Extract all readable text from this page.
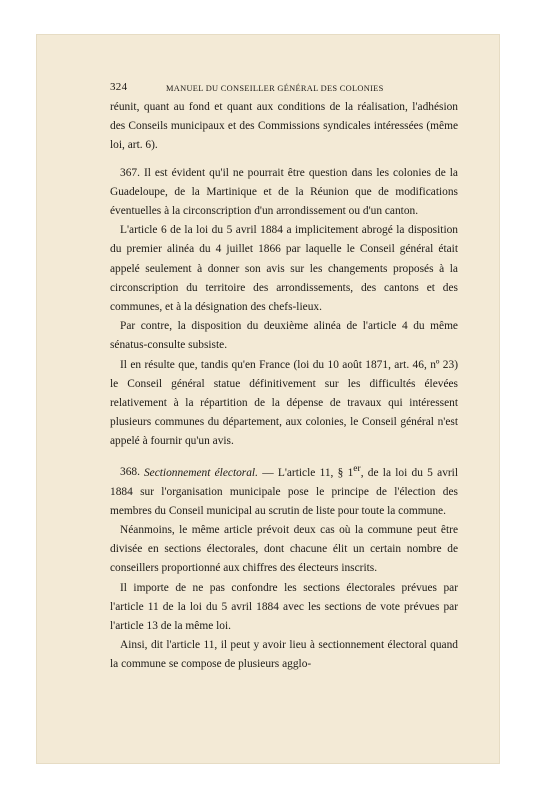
324	MANUEL DU CONSEILLER GÉNÉRAL DES COLONIES

réunit, quant au fond et quant aux conditions de la réalisation, l'adhésion des Conseils municipaux et des Commissions syndicales intéressées (même loi, art. 6).

367. Il est évident qu'il ne pourrait être question dans les colonies de la Guadeloupe, de la Martinique et de la Réunion que de modifications éventuelles à la circonscription d'un arrondissement ou d'un canton.

L'article 6 de la loi du 5 avril 1884 a implicitement abrogé la disposition du premier alinéa du 4 juillet 1866 par laquelle le Conseil général était appelé seulement à donner son avis sur les changements proposés à la circonscription du territoire des arrondissements, des cantons et des communes, et à la désignation des chefs-lieux.

Par contre, la disposition du deuxième alinéa de l'article 4 du même sénatus-consulte subsiste.

Il en résulte que, tandis qu'en France (loi du 10 août 1871, art. 46, nº 23) le Conseil général statue définitivement sur les difficultés élevées relativement à la répartition de la dépense de travaux qui intéressent plusieurs communes du département, aux colonies, le Conseil général n'est appelé à fournir qu'un avis.

368. Sectionnement électoral. — L'article 11, § 1er, de la loi du 5 avril 1884 sur l'organisation municipale pose le principe de l'élection des membres du Conseil municipal au scrutin de liste pour toute la commune.

Néanmoins, le même article prévoit deux cas où la commune peut être divisée en sections électorales, dont chacune élit un certain nombre de conseillers proportionné aux chiffres des électeurs inscrits.

Il importe de ne pas confondre les sections électorales prévues par l'article 11 de la loi du 5 avril 1884 avec les sections de vote prévues par l'article 13 de la même loi.

Ainsi, dit l'article 11, il peut y avoir lieu à sectionnement électoral quand la commune se compose de plusieurs agglo-
